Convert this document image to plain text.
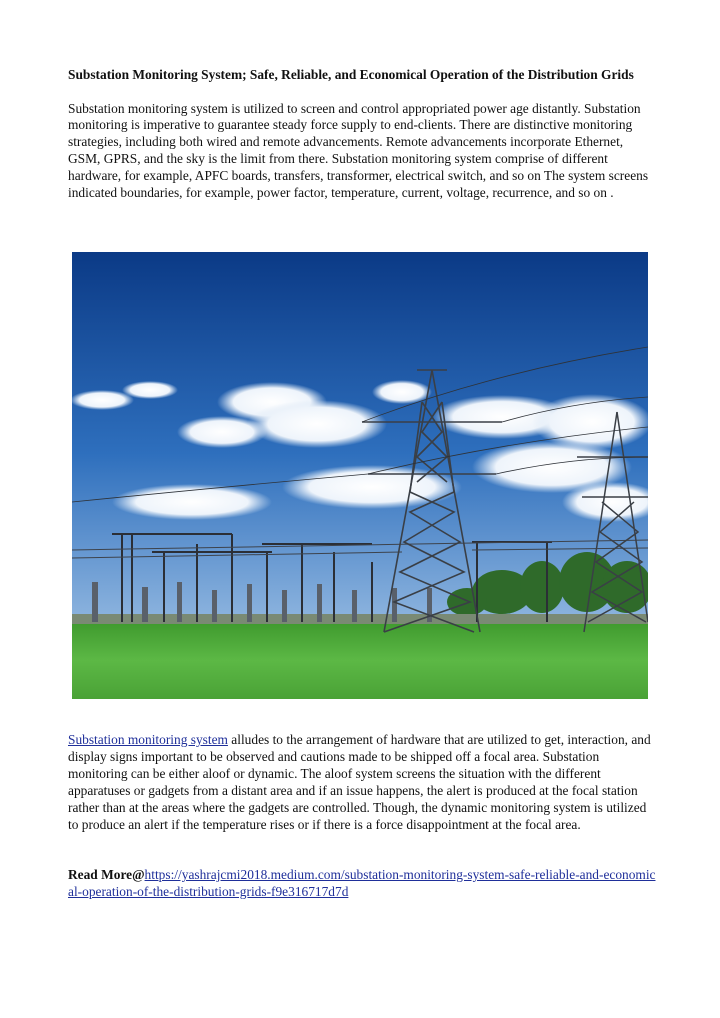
Substation Monitoring System; Safe, Reliable, and Economical Operation of the Distribution Grids

Substation monitoring system is utilized to screen and control appropriated power age distantly. Substation monitoring is imperative to guarantee steady force supply to end-clients. There are distinctive monitoring strategies, including both wired and remote advancements. Remote advancements incorporate Ethernet, GSM, GPRS, and the sky is the limit from there. Substation monitoring system comprise of different hardware, for example, APFC boards, transfers, transformer, electrical switch, and so on The system screens indicated boundaries, for example, power factor, temperature, current, voltage, recurrence, and so on .

Substation monitoring system alludes to the arrangement of hardware that are utilized to get, interaction, and display signs important to be observed and cautions made to be shipped off a focal area. Substation monitoring can be either aloof or dynamic. The aloof system screens the situation with the different apparatuses or gadgets from a distant area and if an issue happens, the alert is produced at the focal station rather than at the areas where the gadgets are controlled. Though, the dynamic monitoring system is utilized to produce an alert if the temperature rises or if there is a force disappointment at the focal area.

Read More@https://yashrajcmi2018.medium.com/substation-monitoring-system-safe-reliable-and-economical-operation-of-the-distribution-grids-f9e316717d7d
